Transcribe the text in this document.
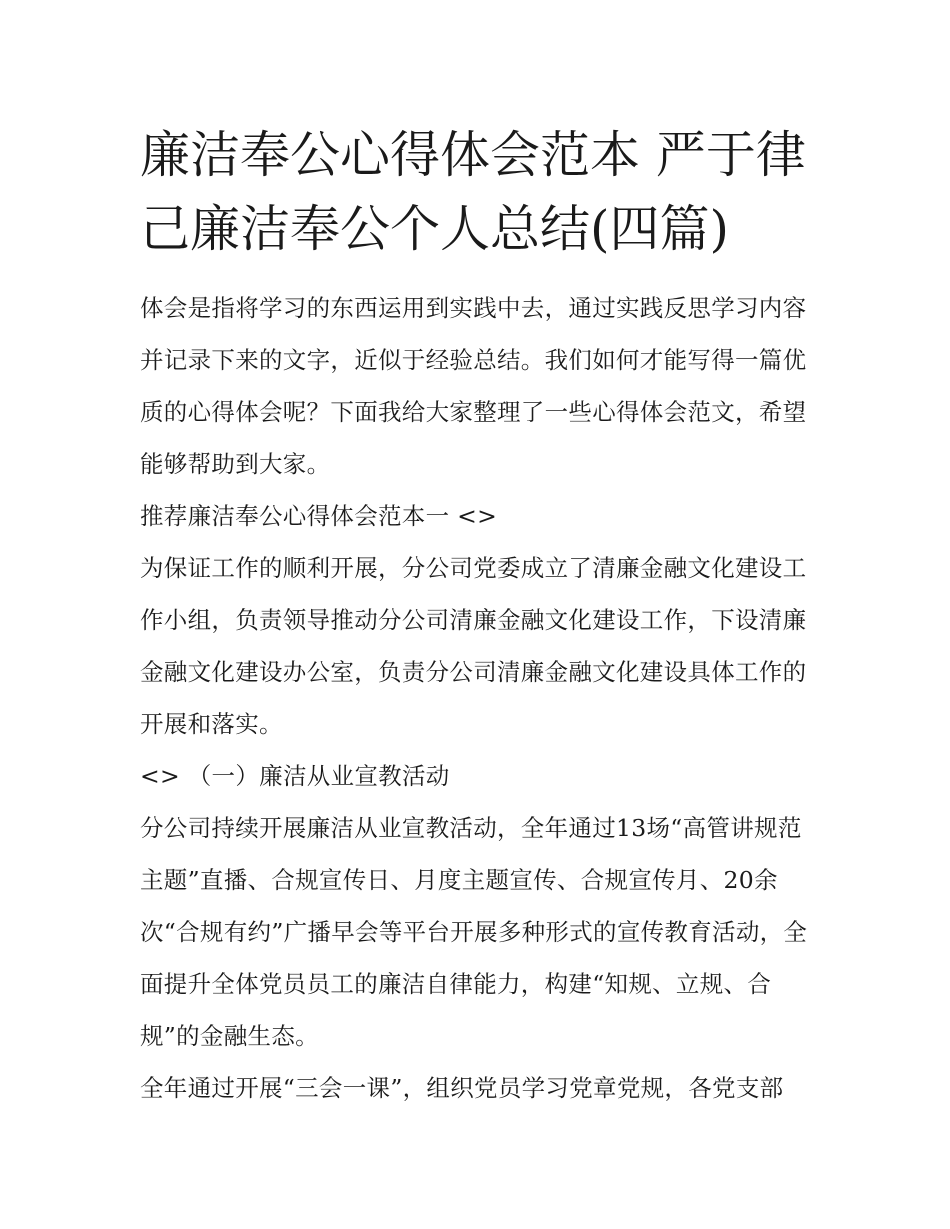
廉洁奉公心得体会范本 严于律己廉洁奉公个人总结(四篇)

体会是指将学习的东西运用到实践中去，通过实践反思学习内容并记录下来的文字，近似于经验总结。我们如何才能写得一篇优质的心得体会呢？下面我给大家整理了一些心得体会范文，希望能够帮助到大家。

推荐廉洁奉公心得体会范本一 <>

为保证工作的顺利开展，分公司党委成立了清廉金融文化建设工作小组，负责领导推动分公司清廉金融文化建设工作，下设清廉金融文化建设办公室，负责分公司清廉金融文化建设具体工作的开展和落实。

<> （一）廉洁从业宣教活动

分公司持续开展廉洁从业宣教活动，全年通过13场“高管讲规范主题”直播、合规宣传日、月度主题宣传、合规宣传月、20余次“合规有约”广播早会等平台开展多种形式的宣传教育活动，全面提升全体党员员工的廉洁自律能力，构建“知规、立规、合规”的金融生态。

全年通过开展“三会一课”，组织党员学习党章党规，各党支部
